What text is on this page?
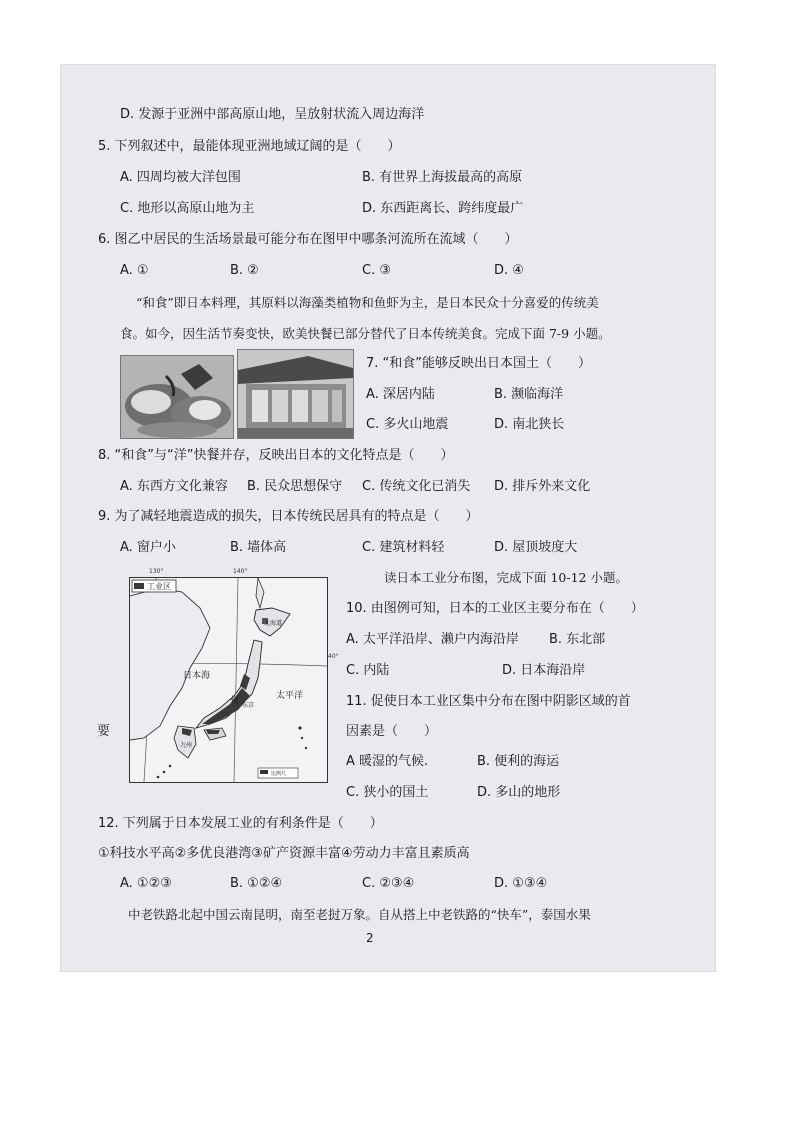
D. 发源于亚洲中部高原山地，呈放射状流入周边海洋
5. 下列叙述中，最能体现亚洲地域辽阔的是（　　）
A. 四周均被大洋包围	B. 有世界上海拔最高的高原
C. 地形以高原山地为主	D. 东西距离长、跨纬度最广
6. 图乙中居民的生活场景最可能分布在图甲中哪条河流所在流域（　　）
A. ①	B. ②	C. ③	D. ④
“和食”即日本料理，其原料以海藻类植物和鱼虾为主，是日本民众十分喜爱的传统美
食。如今，因生活节奏变快，欧美快餐已部分替代了日本传统美食。完成下面 7-9 小题。
7. “和食”能够反映出日本国土（　　）
A. 深居内陆	B. 濒临海洋
C. 多火山地震	D. 南北狭长
8. “和食”与“洋”快餐并存，反映出日本的文化特点是（　　）
A. 东西方文化兼容 B. 民众思想保守 C. 传统文化已消失 D. 排斥外来文化
9. 为了减轻地震造成的损失，日本传统民居具有的特点是（　　）
A. 窗户小	B. 墙体高	C. 建筑材料轻	D. 屋顶坡度大
读日本工业分布图，完成下面 10-12 小题。
130°	140°
40°
工业区
日本海
太平洋
北海道
州
九州
东京
比例尺
10. 由图例可知，日本的工业区主要分布在（　　）
A. 太平洋沿岸、濑户内海沿岸 B. 东北部
C. 内陆	D. 日本海沿岸
11. 促使日本工业区集中分布在图中阴影区域的首
因素是（　　）
A 暖湿的气候.	B. 便利的海运
C. 狭小的国土	D. 多山的地形
要
12. 下列属于日本发展工业的有利条件是（　　）
①科技水平高②多优良港湾③矿产资源丰富④劳动力丰富且素质高
A. ①②③	B. ①②④	C. ②③④	D. ①③④
中老铁路北起中国云南昆明，南至老挝万象。自从搭上中老铁路的“快车”，泰国水果
2
